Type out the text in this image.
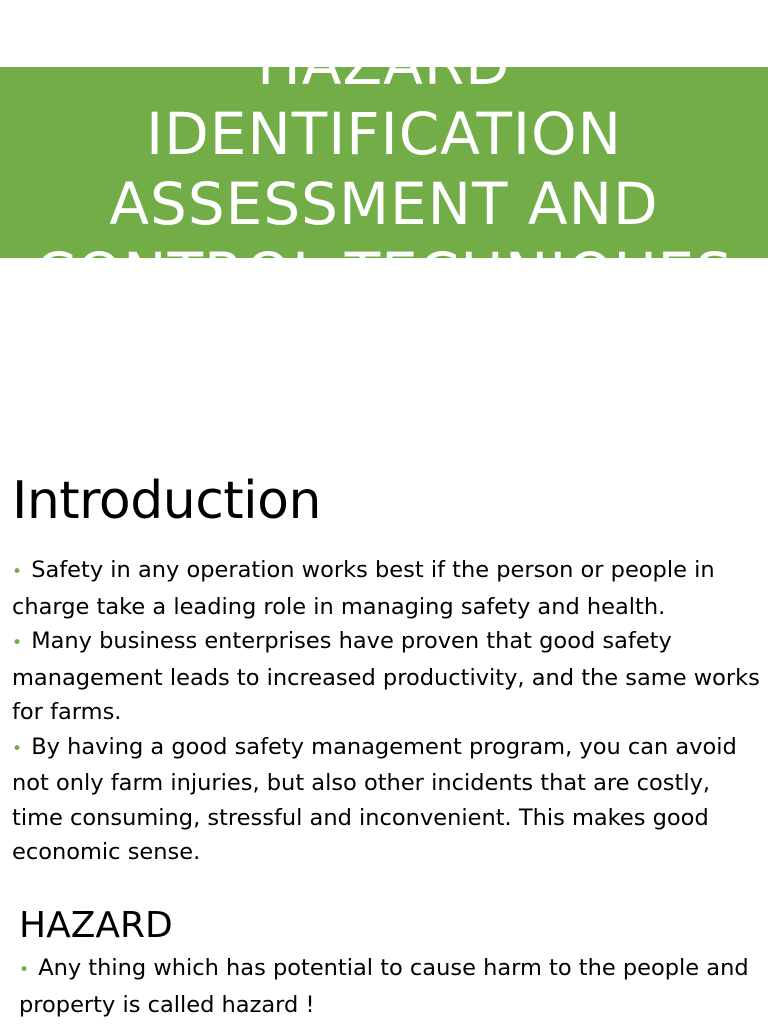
HAZARD
IDENTIFICATION
ASSESSMENT AND
CONTROL TECHNIQUES
Introduction
• Safety in any operation works best if the person or people in charge take a leading role in managing safety and health.
• Many business enterprises have proven that good safety management leads to increased productivity, and the same works for farms.
• By having a good safety management program, you can avoid not only farm injuries, but also other incidents that are costly, time consuming, stressful and inconvenient. This makes good economic sense.
HAZARD
• Any thing which has potential to cause harm to the people and property is called hazard !
